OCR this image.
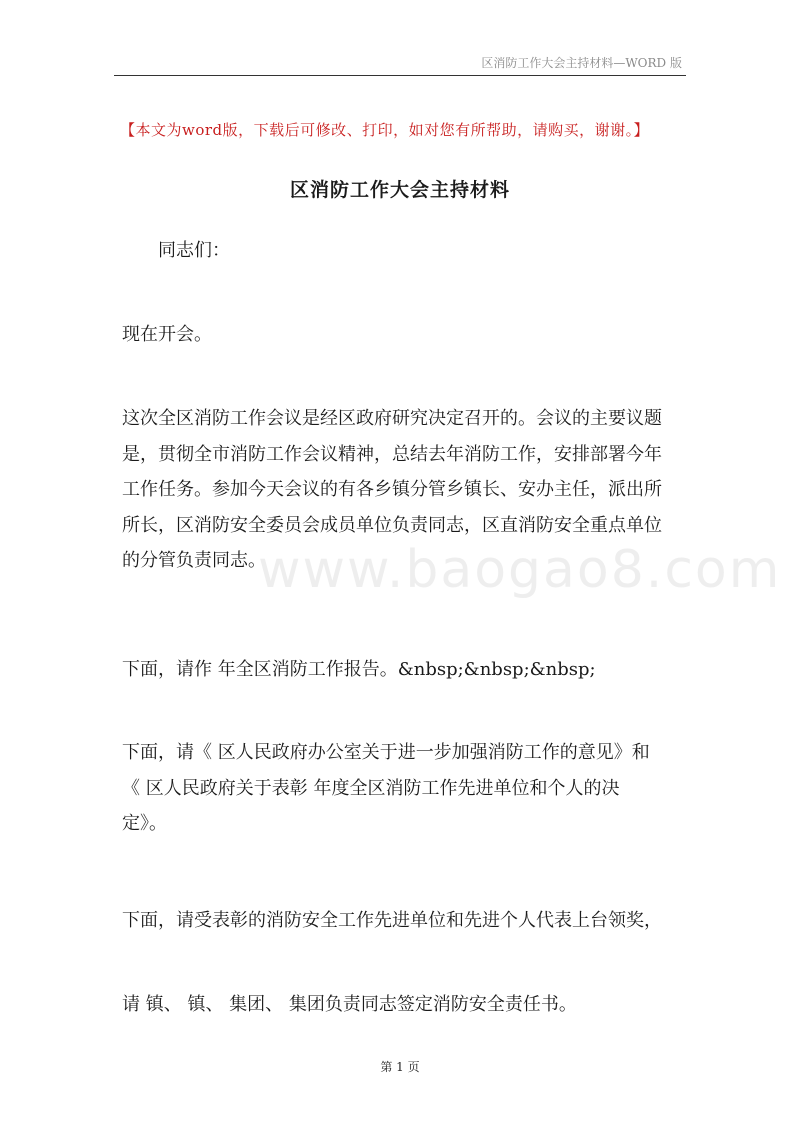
区消防工作大会主持材料—WORD 版
【本文为word版，下载后可修改、打印，如对您有所帮助，请购买，谢谢。】
区消防工作大会主持材料
www.baogao8.com
同志们：
现在开会。
这次全区消防工作会议是经区政府研究决定召开的。会议的主要议题
是，贯彻全市消防工作会议精神，总结去年消防工作，安排部署今年
工作任务。参加今天会议的有各乡镇分管乡镇长、安办主任，派出所
所长，区消防安全委员会成员单位负责同志，区直消防安全重点单位
的分管负责同志。
下面，请作 年全区消防工作报告。&nbsp;&nbsp;&nbsp;
下面，请《 区人民政府办公室关于进一步加强消防工作的意见》和
《 区人民政府关于表彰 年度全区消防工作先进单位和个人的决
定》。
下面，请受表彰的消防安全工作先进单位和先进个人代表上台领奖，
请 镇、 镇、 集团、 集团负责同志签定消防安全责任书。
第 1 页
